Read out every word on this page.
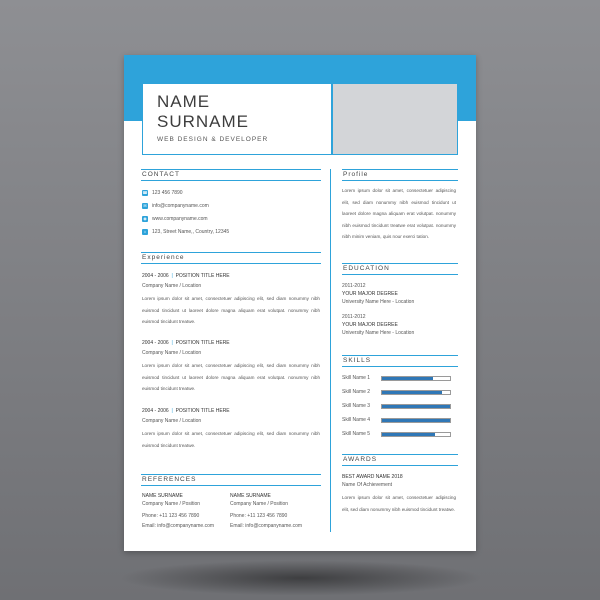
NAME
SURNAME
WEB DESIGN & DEVELOPER
CONTACT
☎ 123 456 7890
✉ info@companyname.com
◉ www.companyname.com
⌂	123, Street Name,, Country, 12345
Experience
2004 - 2006  |  POSITION TITLE HERE
Company Name / Location
Lorem ipsum dolor sit amet, consectetuer adipiscing elit, sed diam nonummy nibh euismod tincidunt ut laoreet dolore magna aliquam erat volutpat. nonummy nibh euismod tincidunt treatwe.
2004 - 2006  |  POSITION TITLE HERE
Company Name / Location
Lorem ipsum dolor sit amet, consectetuer adipiscing elit, sed diam nonummy nibh euismod tincidunt ut laoreet dolore magna aliquam erat volutpat. nonummy nibh euismod tincidunt treatwe.
2004 - 2006  |  POSITION TITLE HERE
Company Name / Location
Lorem ipsum dolor sit amet, consectetuer adipiscing elit, sed diam nonummy nibh euismod tincidunt treatwe.
REFERENCES
NAME SURNAME
Company Name / Position
Phone: +11 123 456 7890
Email: info@companyname.com
NAME SURNAME
Company Name / Position
Phone: +11 123 456 7890
Email: info@companyname.com
Profile
Lorem ipsum dolor sit amet, consectetuer adipiscing elit, sed diam nonummy nibh euismod tincidunt ut laoreet dolore magna aliquam erat volutpat. nonummy nibh euismod tincidunt treatwe erat volutpat. nonummy nibh minim veniam, quis nour exerci tation.
EDUCATION
2011-2012
YOUR MAJOR DEGREE
University Name Here - Location
2011-2012
YOUR MAJOR DEGREE
University Name Here - Location
SKILLS
Skill Name 1
Skill Name 2
Skill Name 3
Skill Name 4
Skill Name 5
AWARDS
BEST AWARD NAME 2018
Name Of Achievement
Lorem ipsum dolor sit amet, consectetuer adipiscing elit, sed diam nonummy nibh euismod tincidunt treatwe.
